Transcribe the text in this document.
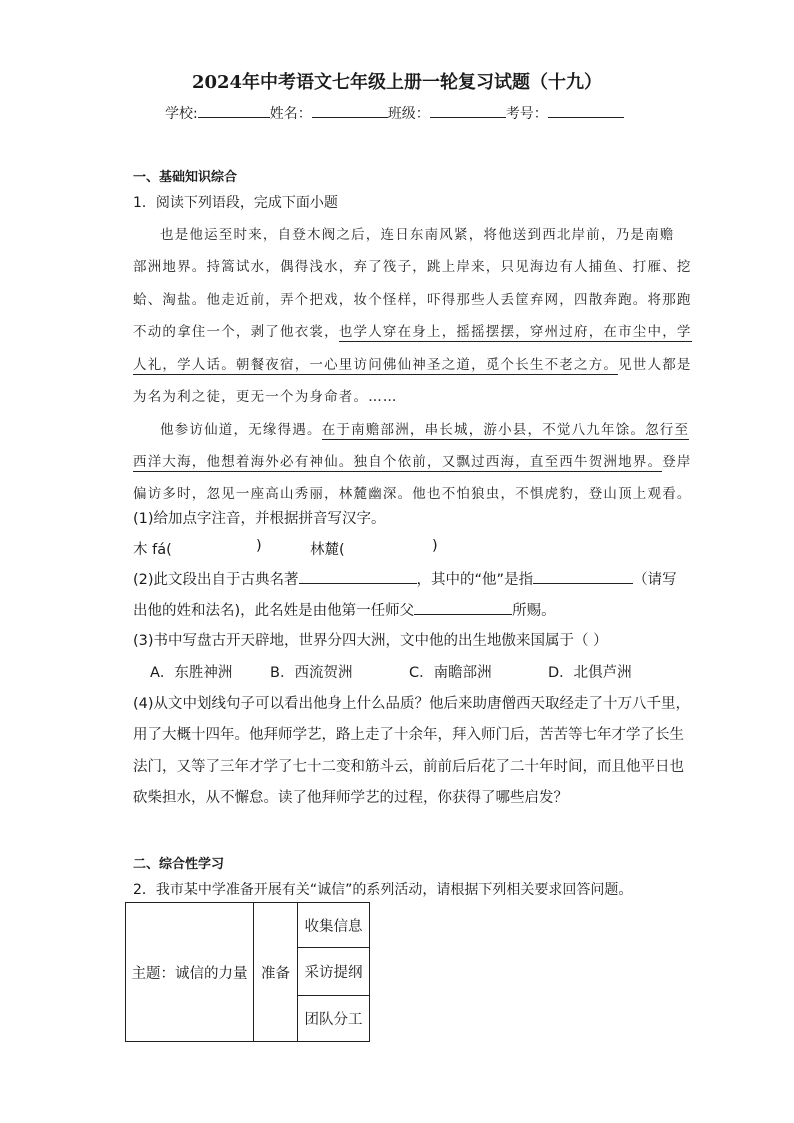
2024年中考语文七年级上册一轮复习试题（十九）
学校:	姓名：	班级：	考号：
一、基础知识综合
1．阅读下列语段，完成下面小题
也是他运至时来，自登木阀之后，连日东南风紧，将他送到西北岸前，乃是南赡
部洲地界。持篙试水，偶得浅水，弃了筏子，跳上岸来，只见海边有人捕鱼、打雁、挖
蛤、淘盐。他走近前，弄个把戏，妆个怪样，吓得那些人丢筐弃网，四散奔跑。将那跑
不动的拿住一个，剥了他衣裳，也学人穿在身上，摇摇摆摆，穿州过府，在市尘中，学
人礼，学人话。朝餐夜宿，一心里访问佛仙神圣之道，觅个长生不老之方。见世人都是
为名为利之徒，更无一个为身命者。……
他参访仙道，无缘得遇。在于南赡部洲，串长城，游小县，不觉八九年馀。忽行至
西洋大海，他想着海外必有神仙。独自个依前，又飘过西海，直至西牛贺洲地界。登岸
偏访多时，忽见一座高山秀丽，林麓幽深。他也不怕狼虫，不惧虎豹，登山顶上观看。
(1)给加点字注音，并根据拼音写汉字。
木 fá(	)	林麓(	)
(2)此文段出自于古典名著	，其中的“他”是指	（请写
出他的姓和法名)，此名姓是由他第一任师父	所赐。
(3)书中写盘古开天辟地，世界分四大洲，文中他的出生地傲来国属于（ ）
A．东胜神洲	B．西流贺洲	C．南瞻部洲	D．北俱芦洲
(4)从文中划线句子可以看出他身上什么品质？他后来助唐僧西天取经走了十万八千里，
用了大概十四年。他拜师学艺，路上走了十余年，拜入师门后，苦苦等七年才学了长生
法门，又等了三年才学了七十二变和筋斗云，前前后后花了二十年时间，而且他平日也
砍柴担水，从不懈怠。读了他拜师学艺的过程，你获得了哪些启发？
二、综合性学习
2．我市某中学准备开展有关“诚信”的系列活动，请根据下列相关要求回答问题。
主题：诚信的力量	准备	收集信息
采访提纲
团队分工
